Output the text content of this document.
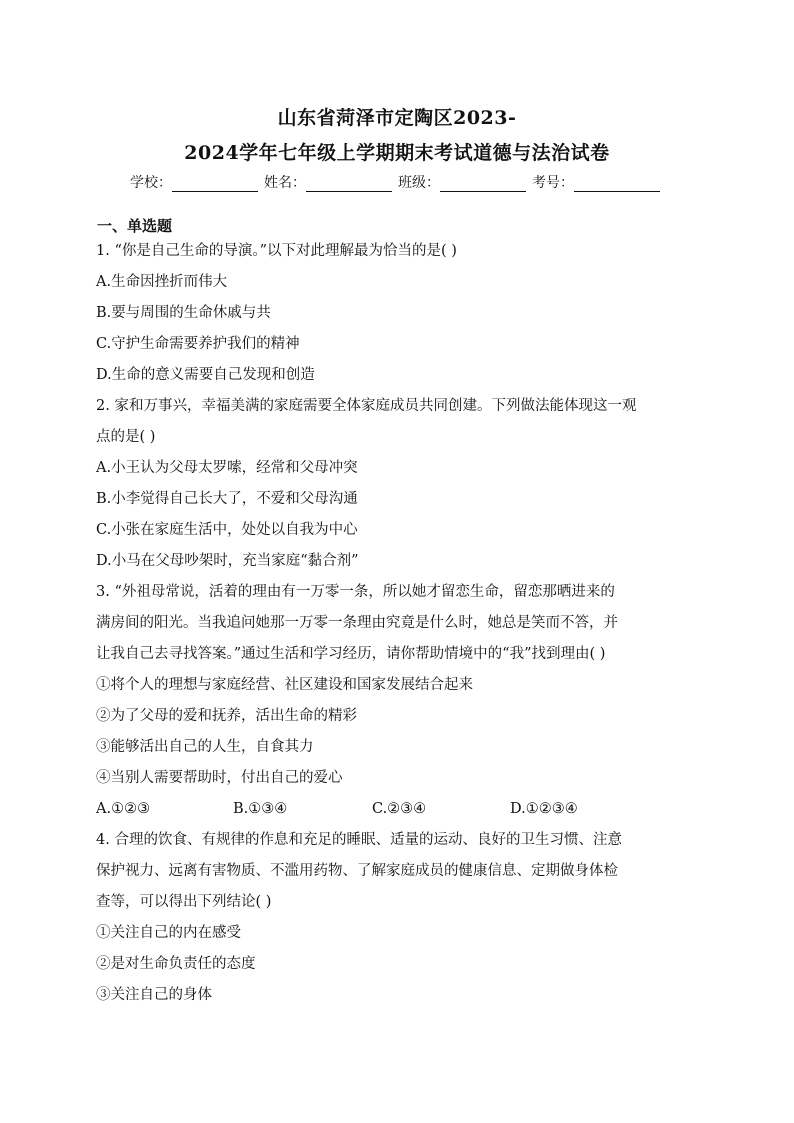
山东省菏泽市定陶区2023-
2024学年七年级上学期期末考试道德与法治试卷
学校：	姓名：	班级：	考号：
一、单选题
1. “你是自己生命的导演。”以下对此理解最为恰当的是( )
A.生命因挫折而伟大
B.要与周围的生命休戚与共
C.守护生命需要养护我们的精神
D.生命的意义需要自己发现和创造
2. 家和万事兴，幸福美满的家庭需要全体家庭成员共同创建。下列做法能体现这一观
点的是( )
A.小王认为父母太罗嗦，经常和父母冲突
B.小李觉得自己长大了，不爱和父母沟通
C.小张在家庭生活中，处处以自我为中心
D.小马在父母吵架时，充当家庭“黏合剂”
3. “外祖母常说，活着的理由有一万零一条，所以她才留恋生命，留恋那晒进来的
满房间的阳光。当我追问她那一万零一条理由究竟是什么时，她总是笑而不答，并
让我自己去寻找答案。”通过生活和学习经历，请你帮助情境中的“我”找到理由( )
①将个人的理想与家庭经营、社区建设和国家发展结合起来
②为了父母的爱和抚养，活出生命的精彩
③能够活出自己的人生，自食其力
④当别人需要帮助时，付出自己的爱心
A.①②③	B.①③④	C.②③④	D.①②③④
4. 合理的饮食、有规律的作息和充足的睡眠、适量的运动、良好的卫生习惯、注意
保护视力、远离有害物质、不滥用药物、了解家庭成员的健康信息、定期做身体检
查等，可以得出下列结论( )
①关注自己的内在感受
②是对生命负责任的态度
③关注自己的身体
